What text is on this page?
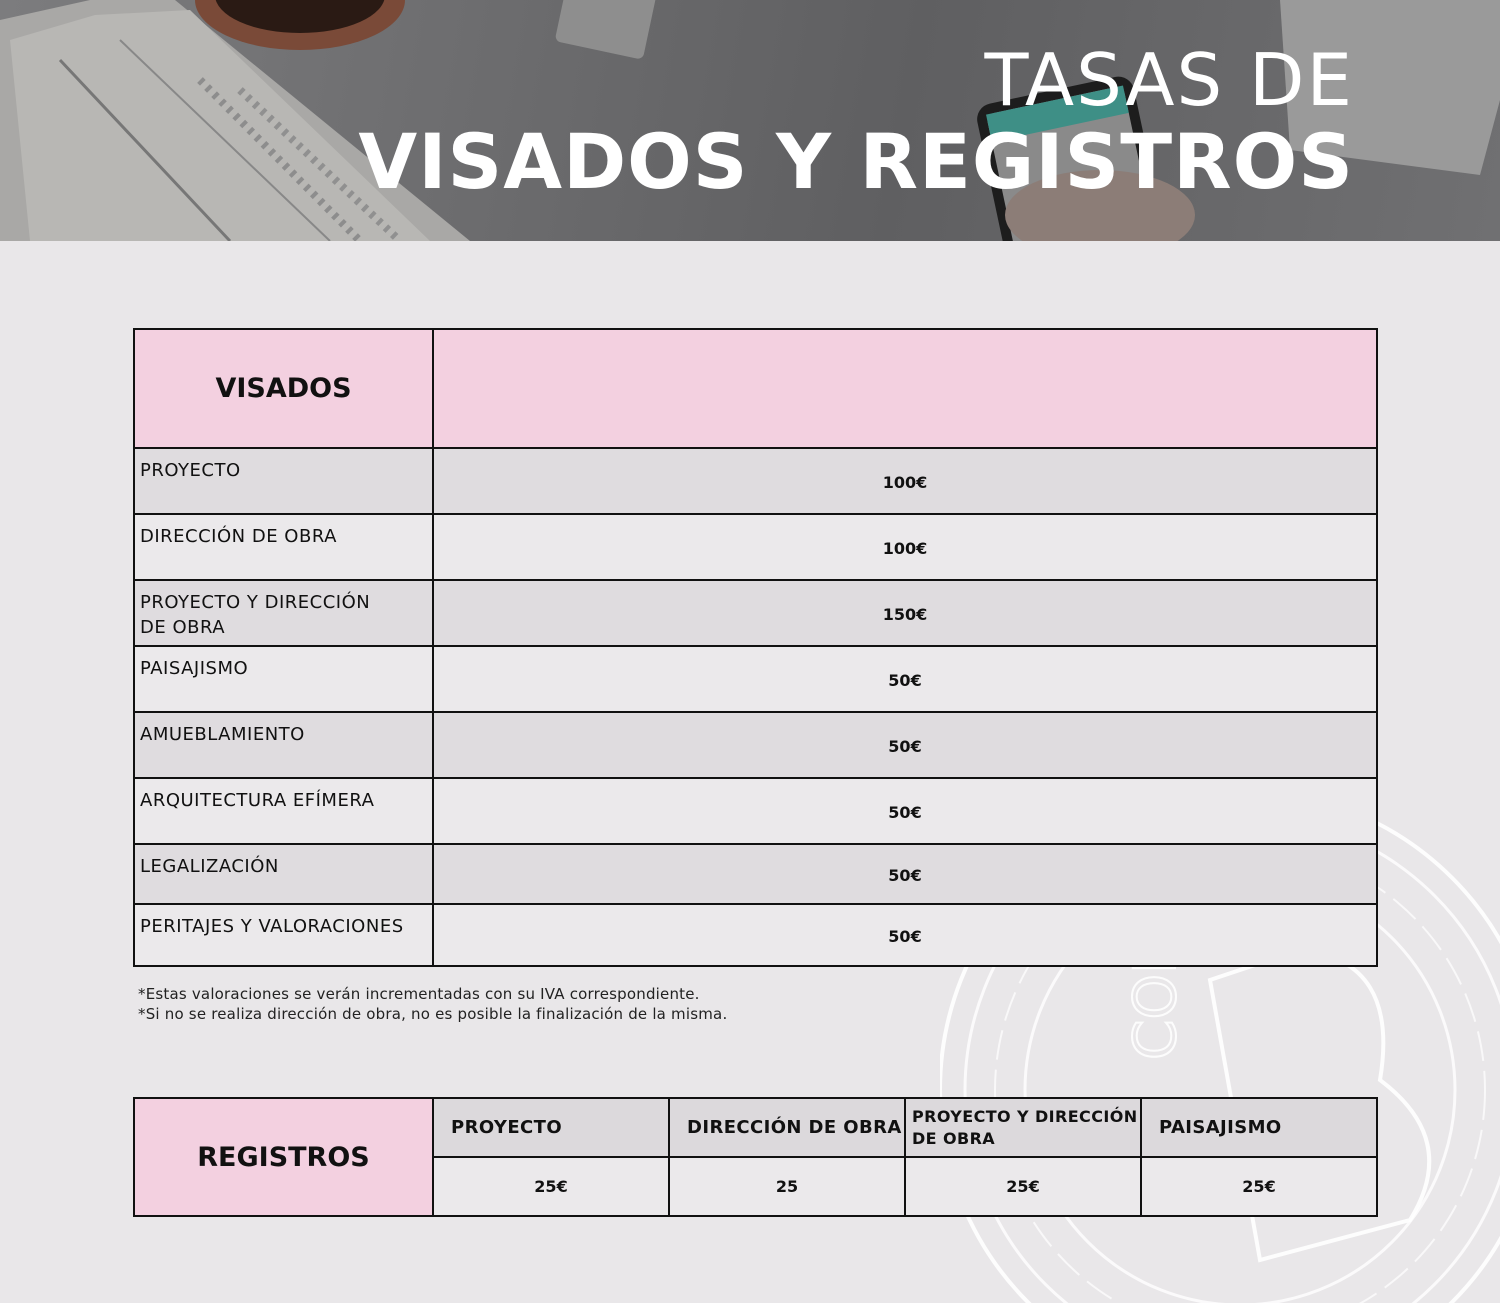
TASAS DE
VISADOS Y REGISTROS
VISADOS
PROYECTO
100€
DIRECCIÓN DE OBRA
100€
PROYECTO Y DIRECCIÓN
DE OBRA
150€
PAISAJISMO
50€
AMUEBLAMIENTO
50€
ARQUITECTURA EFÍMERA
50€
LEGALIZACIÓN	50€
PERITAJES Y VALORACIONES	50€
*Estas valoraciones se verán incrementadas con su IVA correspondiente.
*Si no se realiza dirección de obra, no es posible la finalización de la misma.
REGISTROS
PROYECTO
25€
DIRECCIÓN DE OBRA
25
PROYECTO Y DIRECCIÓN
DE OBRA
25€
PAISAJISMO
25€
